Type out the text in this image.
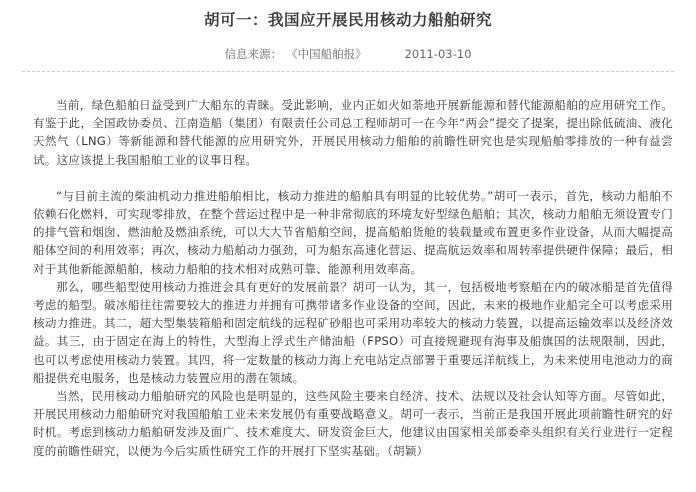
胡可一：我国应开展民用核动力船舶研究
信息来源： 《中国船舶报》	2011-03-10

当前，绿色船舶日益受到广大船东的青睐。受此影响，业内正如火如荼地开展新能源和替代能源船舶的应用研究工作。有鉴于此，全国政协委员、江南造船（集团）有限责任公司总工程师胡可一在今年“两会”提交了提案，提出除低硫油、液化天然气（LNG）等新能源和替代能源的应用研究外，开展民用核动力船舶的前瞻性研究也是实现船舶零排放的一种有益尝试。这应该提上我国船舶工业的议事日程。

“与目前主流的柴油机动力推进船舶相比，核动力推进的船舶具有明显的比较优势。”胡可一表示，首先，核动力船舶不依赖石化燃料，可实现零排放，在整个营运过程中是一种非常彻底的环境友好型绿色船舶；其次，核动力船舶无须设置专门的排气管和烟囱、燃油舱及燃油系统，可以大大节省船舶空间，提高船舶货舱的装载量或布置更多作业设备，从而大幅提高船体空间的利用效率；再次，核动力船舶动力强劲，可为船东高速化营运、提高航运效率和周转率提供硬件保障；最后，相对于其他新能源船舶，核动力船舶的技术相对成熟可靠、能源利用效率高。

那么，哪些船型使用核动力推进会具有更好的发展前景？胡可一认为，其一，包括极地考察船在内的破冰船是首先值得考虑的船型。破冰船往往需要较大的推进力并拥有可携带诸多作业设备的空间，因此，未来的极地作业船完全可以考虑采用核动力推进。其二，超大型集装箱船和固定航线的远程矿砂船也可采用功率较大的核动力装置，以提高运输效率以及经济效益。其三，由于固定在海上的特性，大型海上浮式生产储油船（FPSO）可直接规避现有海事及船旗国的法规限制，因此，也可以考虑使用核动力装置。其四，将一定数量的核动力海上充电站定点部署于重要远洋航线上，为未来使用电池动力的商船提供充电服务，也是核动力装置应用的潜在领域。

当然，民用核动力船舶研究的风险也是明显的，这些风险主要来自经济、技术、法规以及社会认知等方面。尽管如此，开展民用核动力船舶研究对我国船舶工业未来发展仍有重要战略意义。胡可一表示，当前正是我国开展此项前瞻性研究的好时机。考虑到核动力船舶研发涉及面广、技术难度大、研发资金巨大，他建议由国家相关部委牵头组织有关行业进行一定程度的前瞻性研究，以便为今后实质性研究工作的开展打下坚实基础。（胡颖）
